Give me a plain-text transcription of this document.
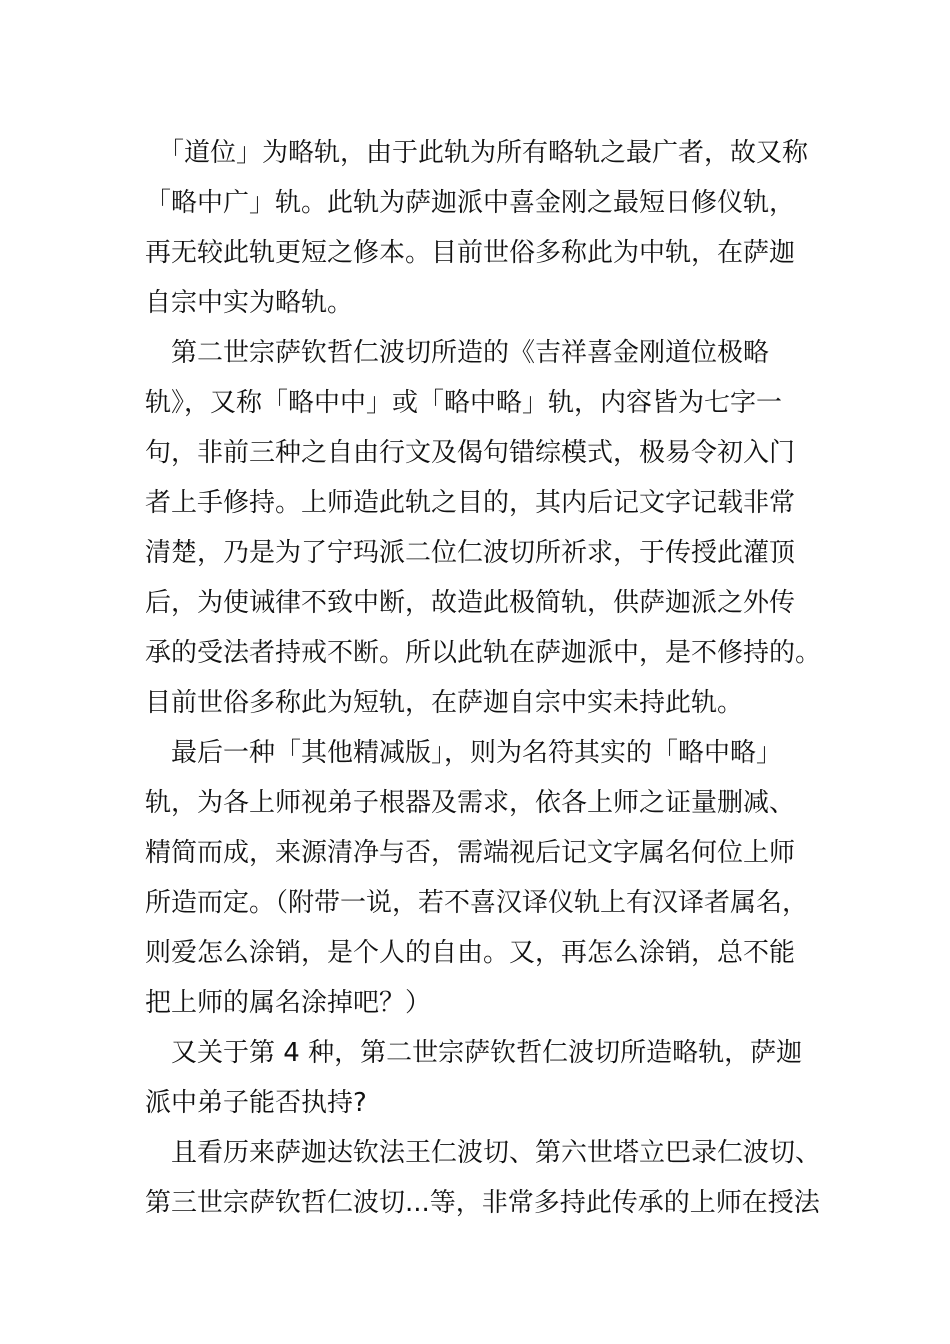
　「道位」为略轨，由于此轨为所有略轨之最广者，故又称
「略中广」轨。此轨为萨迦派中喜金刚之最短日修仪轨，
再无较此轨更短之修本。目前世俗多称此为中轨，在萨迦
自宗中实为略轨。
　第二世宗萨钦哲仁波切所造的《吉祥喜金刚道位极略
轨》，又称「略中中」或「略中略」轨，内容皆为七字一
句，非前三种之自由行文及偈句错综模式，极易令初入门
者上手修持。上师造此轨之目的，其内后记文字记载非常
清楚，乃是为了宁玛派二位仁波切所祈求，于传授此灌顶
后，为使诫律不致中断，故造此极简轨，供萨迦派之外传
承的受法者持戒不断。所以此轨在萨迦派中，是不修持的。
目前世俗多称此为短轨，在萨迦自宗中实未持此轨。
　最后一种「其他精减版」，则为名符其实的「略中略」
轨，为各上师视弟子根器及需求，依各上师之证量删减、
精简而成，来源清净与否，需端视后记文字属名何位上师
所造而定。（附带一说，若不喜汉译仪轨上有汉译者属名，
则爱怎么涂销，是个人的自由。又，再怎么涂销，总不能
把上师的属名涂掉吧？）
　又关于第 4 种，第二世宗萨钦哲仁波切所造略轨，萨迦
派中弟子能否执持?
　且看历来萨迦达钦法王仁波切、第六世塔立巴录仁波切、
第三世宗萨钦哲仁波切...等，非常多持此传承的上师在授法
